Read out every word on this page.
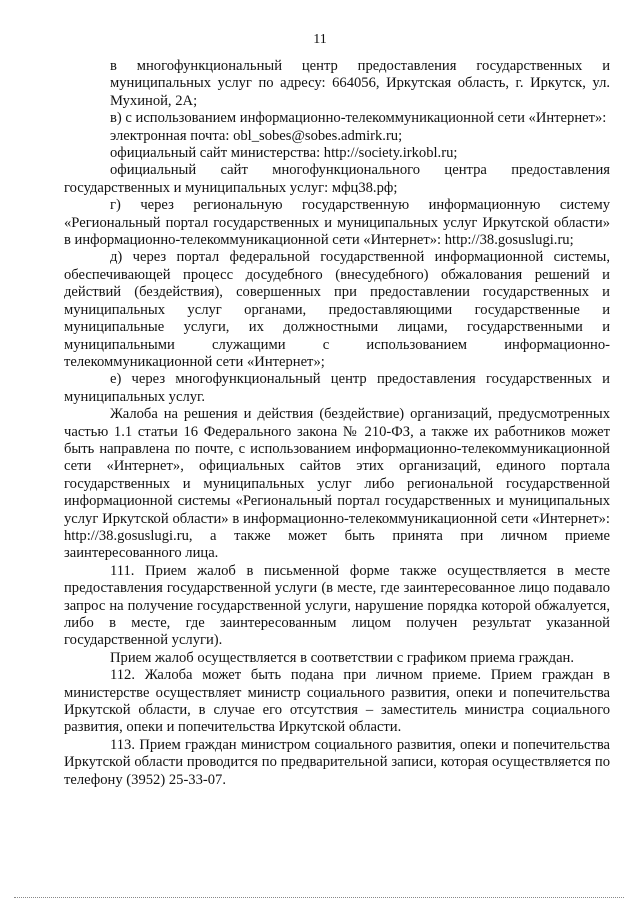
11

в многофункциональный центр предоставления государственных и муниципальных услуг по адресу: 664056, Иркутская область, г. Иркутск, ул. Мухиной, 2А;

в) с использованием информационно-телекоммуникационной сети «Интернет»:

электронная почта: obl_sobes@sobes.admirk.ru;

официальный сайт министерства: http://society.irkobl.ru;

официальный сайт многофункционального центра предоставления государственных и муниципальных услуг: мфц38.рф;

г) через региональную государственную информационную систему «Региональный портал государственных и муниципальных услуг Иркутской области» в информационно-телекоммуникационной сети «Интернет»: http://38.gosuslugi.ru;

д) через портал федеральной государственной информационной системы, обеспечивающей процесс досудебного (внесудебного) обжалования решений и действий (бездействия), совершенных при предоставлении государственных и муниципальных услуг органами, предоставляющими государственные и муниципальные услуги, их должностными лицами, государственными и муниципальными служащими с использованием информационно-телекоммуникационной сети «Интернет»;

е) через многофункциональный центр предоставления государственных и муниципальных услуг.

Жалоба на решения и действия (бездействие) организаций, предусмотренных частью 1.1 статьи 16 Федерального закона № 210-ФЗ, а также их работников может быть направлена по почте, с использованием информационно-телекоммуникационной сети «Интернет», официальных сайтов этих организаций, единого портала государственных и муниципальных услуг либо региональной государственной информационной системы «Региональный портал государственных и муниципальных услуг Иркутской области» в информационно-телекоммуникационной сети «Интернет»: http://38.gosuslugi.ru, а также может быть принята при личном приеме заинтересованного лица.

111. Прием жалоб в письменной форме также осуществляется в месте предоставления государственной услуги (в месте, где заинтересованное лицо подавало запрос на получение государственной услуги, нарушение порядка которой обжалуется, либо в месте, где заинтересованным лицом получен результат указанной государственной услуги).

Прием жалоб осуществляется в соответствии с графиком приема граждан.

112. Жалоба может быть подана при личном приеме. Прием граждан в министерстве осуществляет министр социального развития, опеки и попечительства Иркутской области, в случае его отсутствия – заместитель министра социального развития, опеки и попечительства Иркутской области.

113. Прием граждан министром социального развития, опеки и попечительства Иркутской области проводится по предварительной записи, которая осуществляется по телефону (3952) 25-33-07.
